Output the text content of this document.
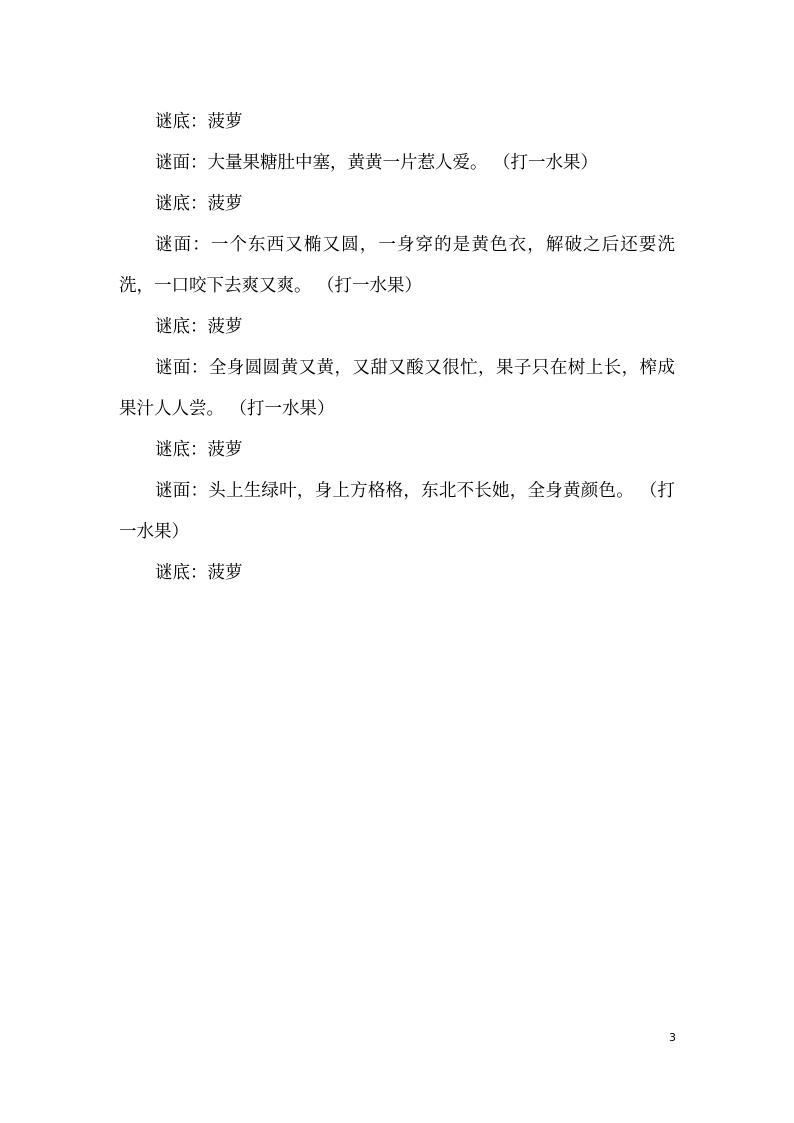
谜底：菠萝

谜面：大量果糖肚中塞，黄黄一片惹人爱。 （打一水果）

谜底：菠萝

谜面：一个东西又椭又圆，一身穿的是黄色衣，解破之后还要洗洗，一口咬下去爽又爽。 （打一水果）

谜底：菠萝

谜面：全身圆圆黄又黄，又甜又酸又很忙，果子只在树上长，榨成果汁人人尝。 （打一水果）

谜底：菠萝

谜面：头上生绿叶，身上方格格，东北不长她，全身黄颜色。 （打一水果）

谜底：菠萝

3
